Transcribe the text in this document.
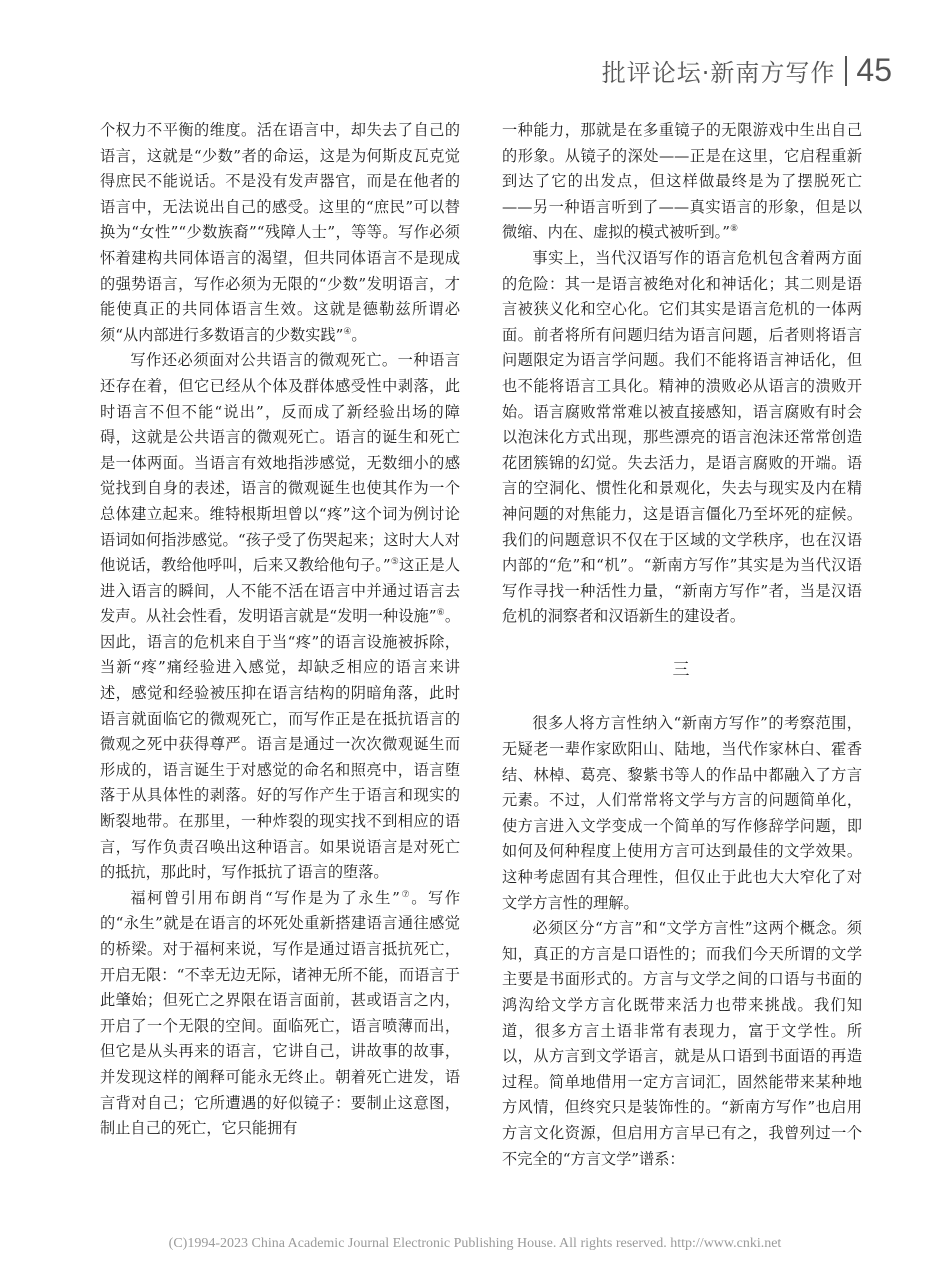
批评论坛·新南方写作 45

个权力不平衡的维度。活在语言中，却失去了自己的语言，这就是“少数”者的命运，这是为何斯皮瓦克觉得庶民不能说话。不是没有发声器官，而是在他者的语言中，无法说出自己的感受。这里的“庶民”可以替换为“女性”“少数族裔”“残障人士”，等等。写作必须怀着建构共同体语言的渴望，但共同体语言不是现成的强势语言，写作必须为无限的“少数”发明语言，才能使真正的共同体语言生效。这就是德勒兹所谓必须“从内部进行多数语言的少数实践”④。

写作还必须面对公共语言的微观死亡。一种语言还存在着，但它已经从个体及群体感受性中剥落，此时语言不但不能“说出”，反而成了新经验出场的障碍，这就是公共语言的微观死亡。语言的诞生和死亡是一体两面。当语言有效地指涉感觉，无数细小的感觉找到自身的表述，语言的微观诞生也使其作为一个总体建立起来。维特根斯坦曾以“疼”这个词为例讨论语词如何指涉感觉。“孩子受了伤哭起来；这时大人对他说话，教给他呼叫，后来又教给他句子。”⑤这正是人进入语言的瞬间，人不能不活在语言中并通过语言去发声。从社会性看，发明语言就是“发明一种设施”⑥。因此，语言的危机来自于当“疼”的语言设施被拆除，当新“疼”痛经验进入感觉，却缺乏相应的语言来讲述，感觉和经验被压抑在语言结构的阴暗角落，此时语言就面临它的微观死亡，而写作正是在抵抗语言的微观之死中获得尊严。语言是通过一次次微观诞生而形成的，语言诞生于对感觉的命名和照亮中，语言堕落于从具体性的剥落。好的写作产生于语言和现实的断裂地带。在那里，一种炸裂的现实找不到相应的语言，写作负责召唤出这种语言。如果说语言是对死亡的抵抗，那此时，写作抵抗了语言的堕落。

福柯曾引用布朗肖“写作是为了永生”⑦。写作的“永生”就是在语言的坏死处重新搭建语言通往感觉的桥梁。对于福柯来说，写作是通过语言抵抗死亡，开启无限：“不幸无边无际，诸神无所不能，而语言于此肇始；但死亡之界限在语言面前，甚或语言之内，开启了一个无限的空间。面临死亡，语言喷薄而出，但它是从头再来的语言，它讲自己，讲故事的故事，并发现这样的阐释可能永无终止。朝着死亡进发，语言背对自己；它所遭遇的好似镜子：要制止这意图，制止自己的死亡，它只能拥有

一种能力，那就是在多重镜子的无限游戏中生出自己的形象。从镜子的深处——正是在这里，它启程重新到达了它的出发点，但这样做最终是为了摆脱死亡——另一种语言听到了——真实语言的形象，但是以微缩、内在、虚拟的模式被听到。”⑧

事实上，当代汉语写作的语言危机包含着两方面的危险：其一是语言被绝对化和神话化；其二则是语言被狭义化和空心化。它们其实是语言危机的一体两面。前者将所有问题归结为语言问题，后者则将语言问题限定为语言学问题。我们不能将语言神话化，但也不能将语言工具化。精神的溃败必从语言的溃败开始。语言腐败常常难以被直接感知，语言腐败有时会以泡沫化方式出现，那些漂亮的语言泡沫还常常创造花团簇锦的幻觉。失去活力，是语言腐败的开端。语言的空洞化、惯性化和景观化，失去与现实及内在精神问题的对焦能力，这是语言僵化乃至坏死的症候。我们的问题意识不仅在于区域的文学秩序，也在汉语内部的“危”和“机”。“新南方写作”其实是为当代汉语写作寻找一种活性力量，“新南方写作”者，当是汉语危机的洞察者和汉语新生的建设者。

三

很多人将方言性纳入“新南方写作”的考察范围，无疑老一辈作家欧阳山、陆地，当代作家林白、霍香结、林棹、葛亮、黎紫书等人的作品中都融入了方言元素。不过，人们常常将文学与方言的问题简单化，使方言进入文学变成一个简单的写作修辞学问题，即如何及何种程度上使用方言可达到最佳的文学效果。这种考虑固有其合理性，但仅止于此也大大窄化了对文学方言性的理解。

必须区分“方言”和“文学方言性”这两个概念。须知，真正的方言是口语性的；而我们今天所谓的文学主要是书面形式的。方言与文学之间的口语与书面的鸿沟给文学方言化既带来活力也带来挑战。我们知道，很多方言土语非常有表现力，富于文学性。所以，从方言到文学语言，就是从口语到书面语的再造过程。简单地借用一定方言词汇，固然能带来某种地方风情，但终究只是装饰性的。“新南方写作”也启用方言文化资源，但启用方言早已有之，我曾列过一个不完全的“方言文学”谱系：

(C)1994-2023 China Academic Journal Electronic Publishing House. All rights reserved. http://www.cnki.net
